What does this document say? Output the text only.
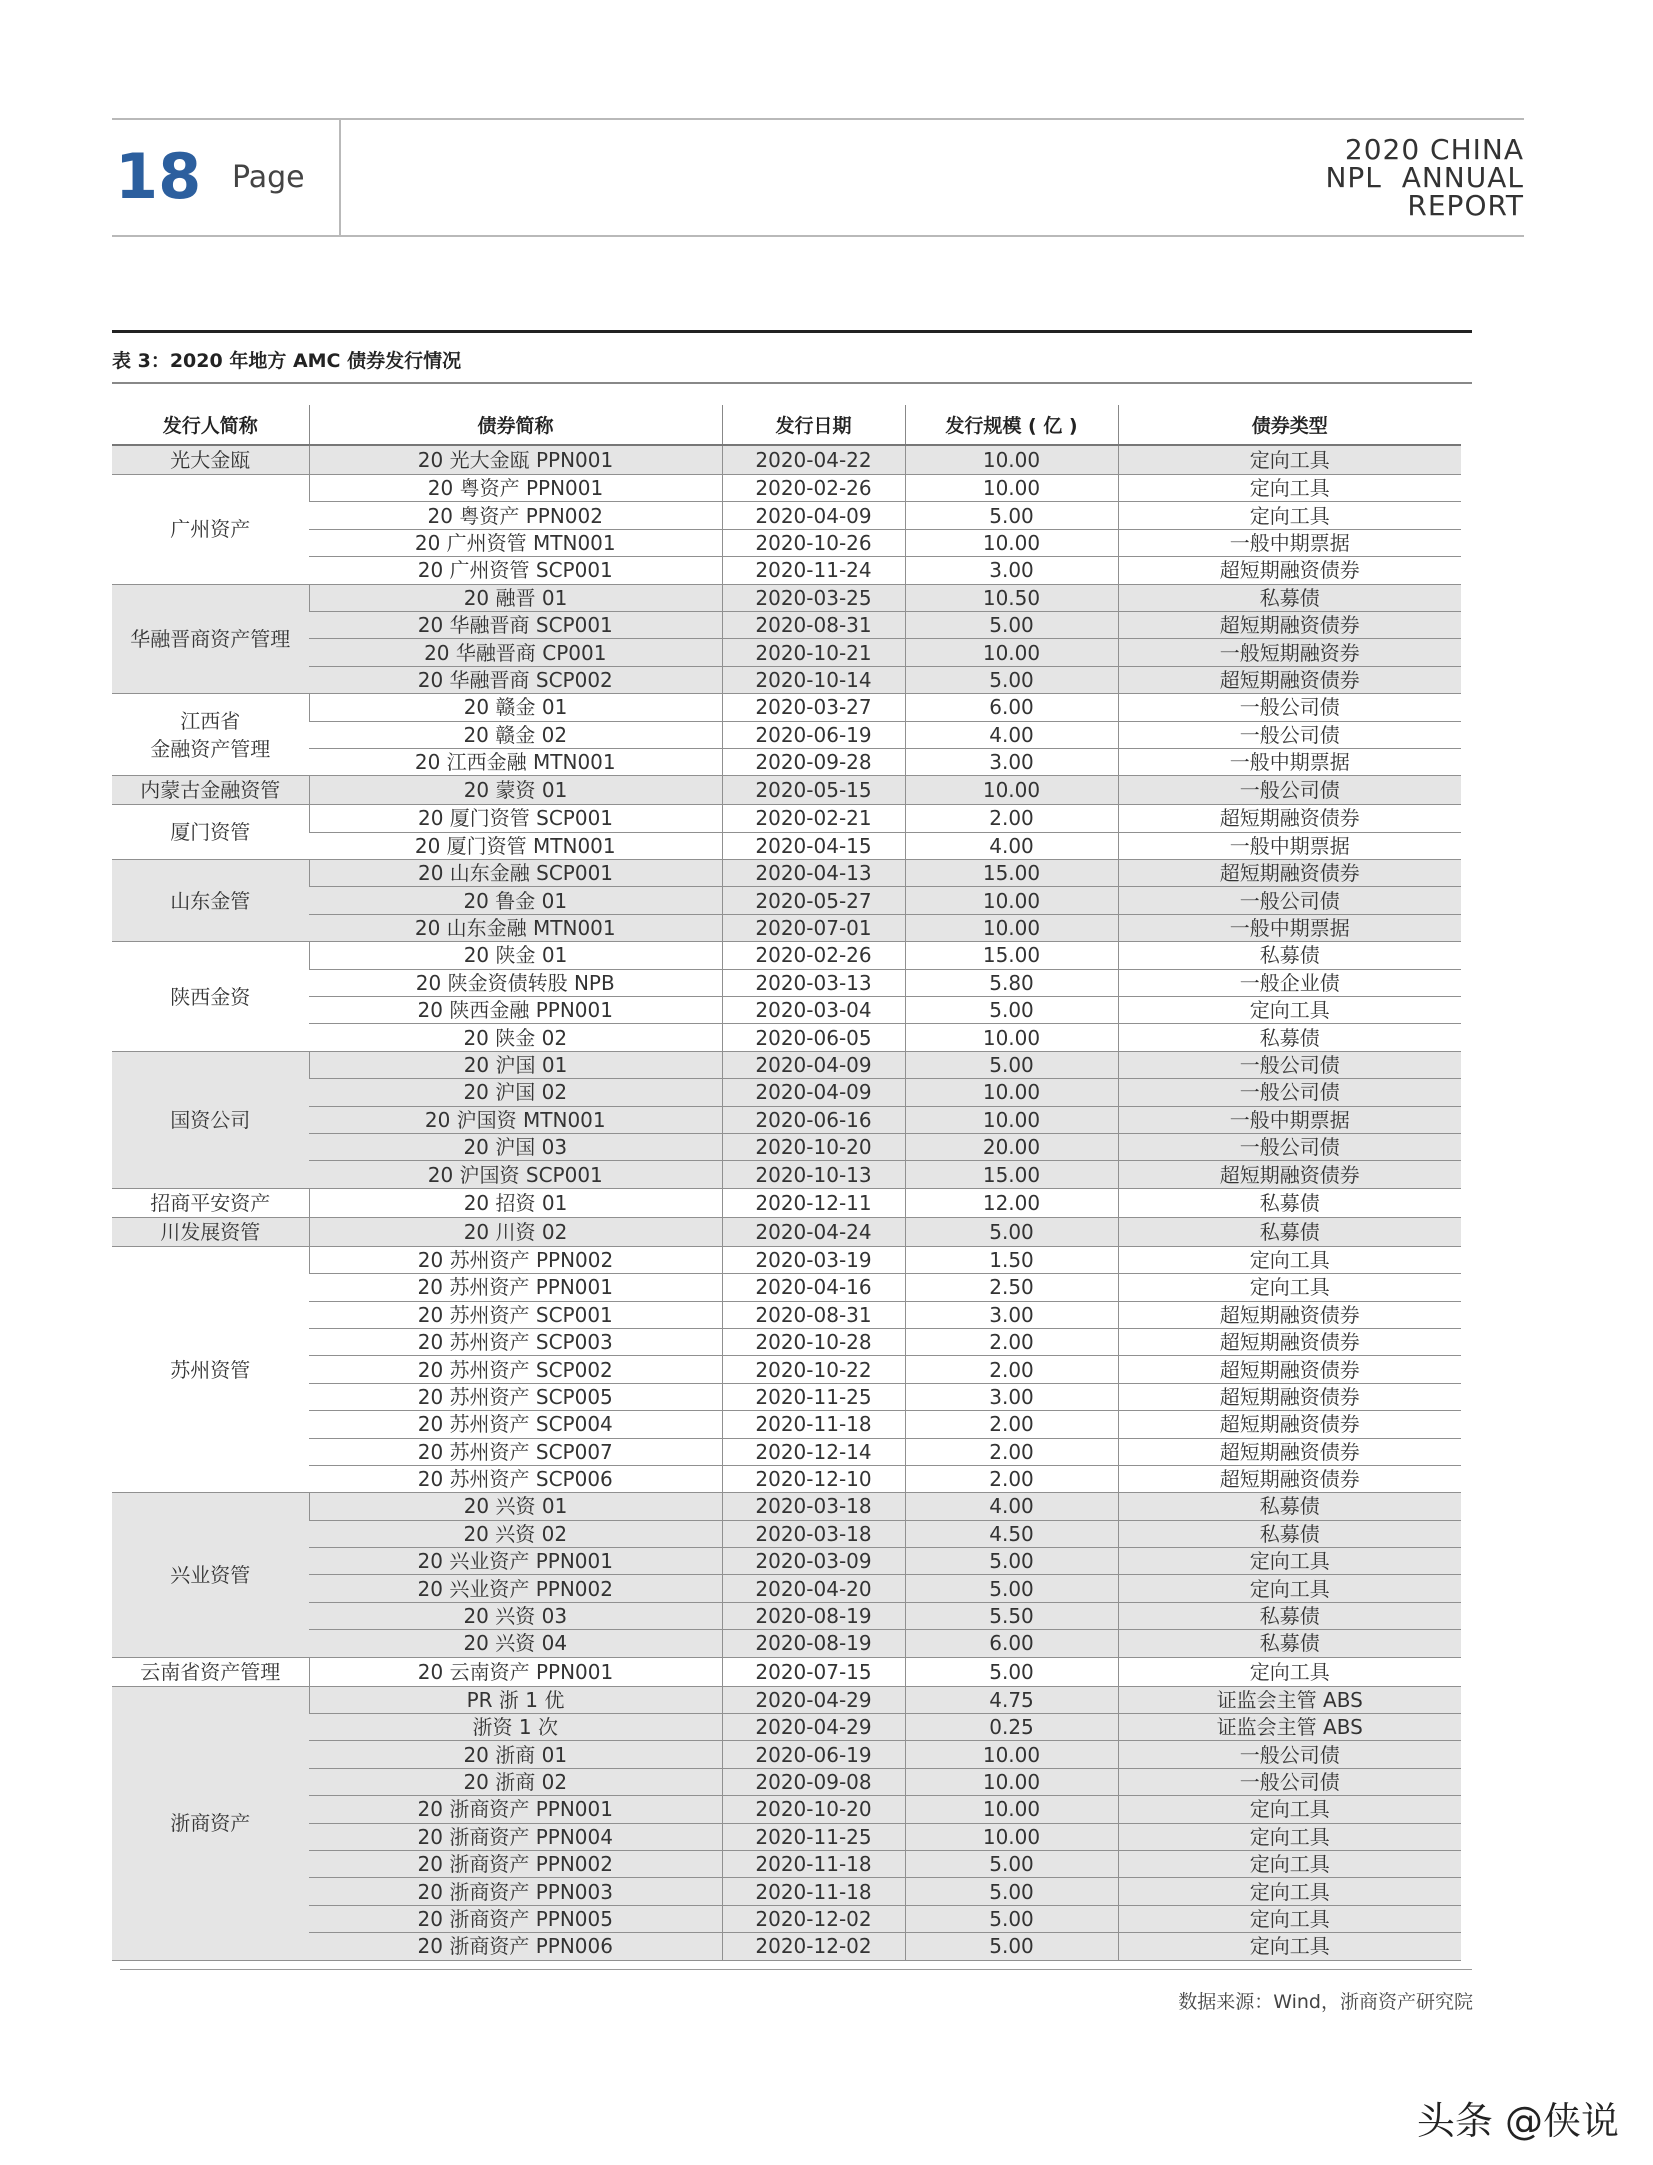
18 Page
2020 CHINA
NPL  ANNUAL
REPORT
表 3：2020 年地方 AMC 债券发行情况
发行人简称	债券简称	发行日期	发行规模 ( 亿 )	债券类型
光大金瓯	20 光大金瓯 PPN001	2020-04-22	10.00	定向工具
广州资产	20 粤资产 PPN001	2020-02-26	10.00	定向工具
	20 粤资产 PPN002	2020-04-09	5.00	定向工具
	20 广州资管 MTN001	2020-10-26	10.00	一般中期票据
	20 广州资管 SCP001	2020-11-24	3.00	超短期融资债券
华融晋商资产管理	20 融晋 01	2020-03-25	10.50	私募债
	20 华融晋商 SCP001	2020-08-31	5.00	超短期融资债券
	20 华融晋商 CP001	2020-10-21	10.00	一般短期融资券
	20 华融晋商 SCP002	2020-10-14	5.00	超短期融资债券
江西省
金融资产管理	20 赣金 01	2020-03-27	6.00	一般公司债
	20 赣金 02	2020-06-19	4.00	一般公司债
	20 江西金融 MTN001	2020-09-28	3.00	一般中期票据
内蒙古金融资管	20 蒙资 01	2020-05-15	10.00	一般公司债
厦门资管	20 厦门资管 SCP001	2020-02-21	2.00	超短期融资债券
	20 厦门资管 MTN001	2020-04-15	4.00	一般中期票据
山东金管	20 山东金融 SCP001	2020-04-13	15.00	超短期融资债券
	20 鲁金 01	2020-05-27	10.00	一般公司债
	20 山东金融 MTN001	2020-07-01	10.00	一般中期票据
陕西金资	20 陕金 01	2020-02-26	15.00	私募债
	20 陕金资债转股 NPB	2020-03-13	5.80	一般企业债
	20 陕西金融 PPN001	2020-03-04	5.00	定向工具
	20 陕金 02	2020-06-05	10.00	私募债
国资公司	20 沪国 01	2020-04-09	5.00	一般公司债
	20 沪国 02	2020-04-09	10.00	一般公司债
	20 沪国资 MTN001	2020-06-16	10.00	一般中期票据
	20 沪国 03	2020-10-20	20.00	一般公司债
	20 沪国资 SCP001	2020-10-13	15.00	超短期融资债券
招商平安资产	20 招资 01	2020-12-11	12.00	私募债
川发展资管	20 川资 02	2020-04-24	5.00	私募债
苏州资管	20 苏州资产 PPN002	2020-03-19	1.50	定向工具
	20 苏州资产 PPN001	2020-04-16	2.50	定向工具
	20 苏州资产 SCP001	2020-08-31	3.00	超短期融资债券
	20 苏州资产 SCP003	2020-10-28	2.00	超短期融资债券
	20 苏州资产 SCP002	2020-10-22	2.00	超短期融资债券
	20 苏州资产 SCP005	2020-11-25	3.00	超短期融资债券
	20 苏州资产 SCP004	2020-11-18	2.00	超短期融资债券
	20 苏州资产 SCP007	2020-12-14	2.00	超短期融资债券
	20 苏州资产 SCP006	2020-12-10	2.00	超短期融资债券
兴业资管	20 兴资 01	2020-03-18	4.00	私募债
	20 兴资 02	2020-03-18	4.50	私募债
	20 兴业资产 PPN001	2020-03-09	5.00	定向工具
	20 兴业资产 PPN002	2020-04-20	5.00	定向工具
	20 兴资 03	2020-08-19	5.50	私募债
	20 兴资 04	2020-08-19	6.00	私募债
云南省资产管理	20 云南资产 PPN001	2020-07-15	5.00	定向工具
浙商资产	PR 浙 1 优	2020-04-29	4.75	证监会主管 ABS
	浙资 1 次	2020-04-29	0.25	证监会主管 ABS
	20 浙商 01	2020-06-19	10.00	一般公司债
	20 浙商 02	2020-09-08	10.00	一般公司债
	20 浙商资产 PPN001	2020-10-20	10.00	定向工具
	20 浙商资产 PPN004	2020-11-25	10.00	定向工具
	20 浙商资产 PPN002	2020-11-18	5.00	定向工具
	20 浙商资产 PPN003	2020-11-18	5.00	定向工具
	20 浙商资产 PPN005	2020-12-02	5.00	定向工具
	20 浙商资产 PPN006	2020-12-02	5.00	定向工具
数据来源：Wind，浙商资产研究院
头条 @侠说
